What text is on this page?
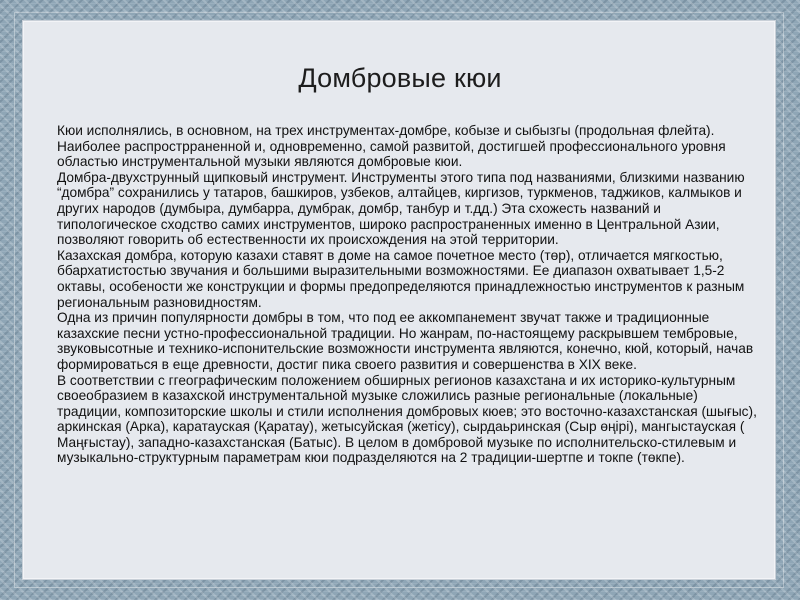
Домбровые кюи

Кюи исполнялись, в основном, на трех инструментах-домбре, кобызе и сыбызгы (продольная флейта). Наиболее распрострраненной и, одновременно, самой развитой, достигшей профессионального уровня областью инструментальной музыки являются домбровые кюи.

Домбра-двухструнный щипковый инструмент. Инструменты этого типа под названиями, близкими названию “домбра” сохранились у татаров, башкиров, узбеков, алтайцев, киргизов, туркменов, таджиков, калмыков и других народов (думбыра, думбарра, думбрак, домбр, танбур и т.дд.) Эта схожесть названий и типологическое сходство самих инструментов, широко распространенных именно в Центральной Азии, позволяют говорить об естественности их происхождения на этой территории.

Казахская домбра, которую казахи ставят в доме на самое почетное место (төр), отличается мягкостью, ббархатистостью звучания и большими выразительными возможностями. Ее диапазон охватывает 1,5-2 октавы, особености же конструкции и формы предопределяются принадлежностью инструментов к разным региональным разновидностям.

Одна из причин популярности домбры в том, что под ее аккомпанемент звучат также и традиционные казахские песни устно-профессиональной традиции. Но жанрам, по-настоящему раскрывшем тембровые, звуковысотные и технико-испонительские возможности инструмента являются, конечно, кюй, который, начав формироваться в еще древности, достиг пика своего развития и совершенства в XIX веке.

В соответствии с ггеографическим положением обширных регионов казахстана и их историко-культурным своеобразием в казахской инструментальной музыке сложились разные региональные (локальные) традиции, композиторские школы и стили исполнения домбровых кюев; это восточно-казахстанская (шығыс), аркинская (Арка), каратауская (Қаратау), жетысуйская (жетісу), сырдаьринская (Сыр өңірі), мангыстауская ( Маңғыстау), западно-казахстанская (Батыс). В целом в домбровой музыке по исполнительско-стилевым и музыкально-структурным параметрам кюи подразделяются на 2 традиции-шертпе и токпе (төкпе).
